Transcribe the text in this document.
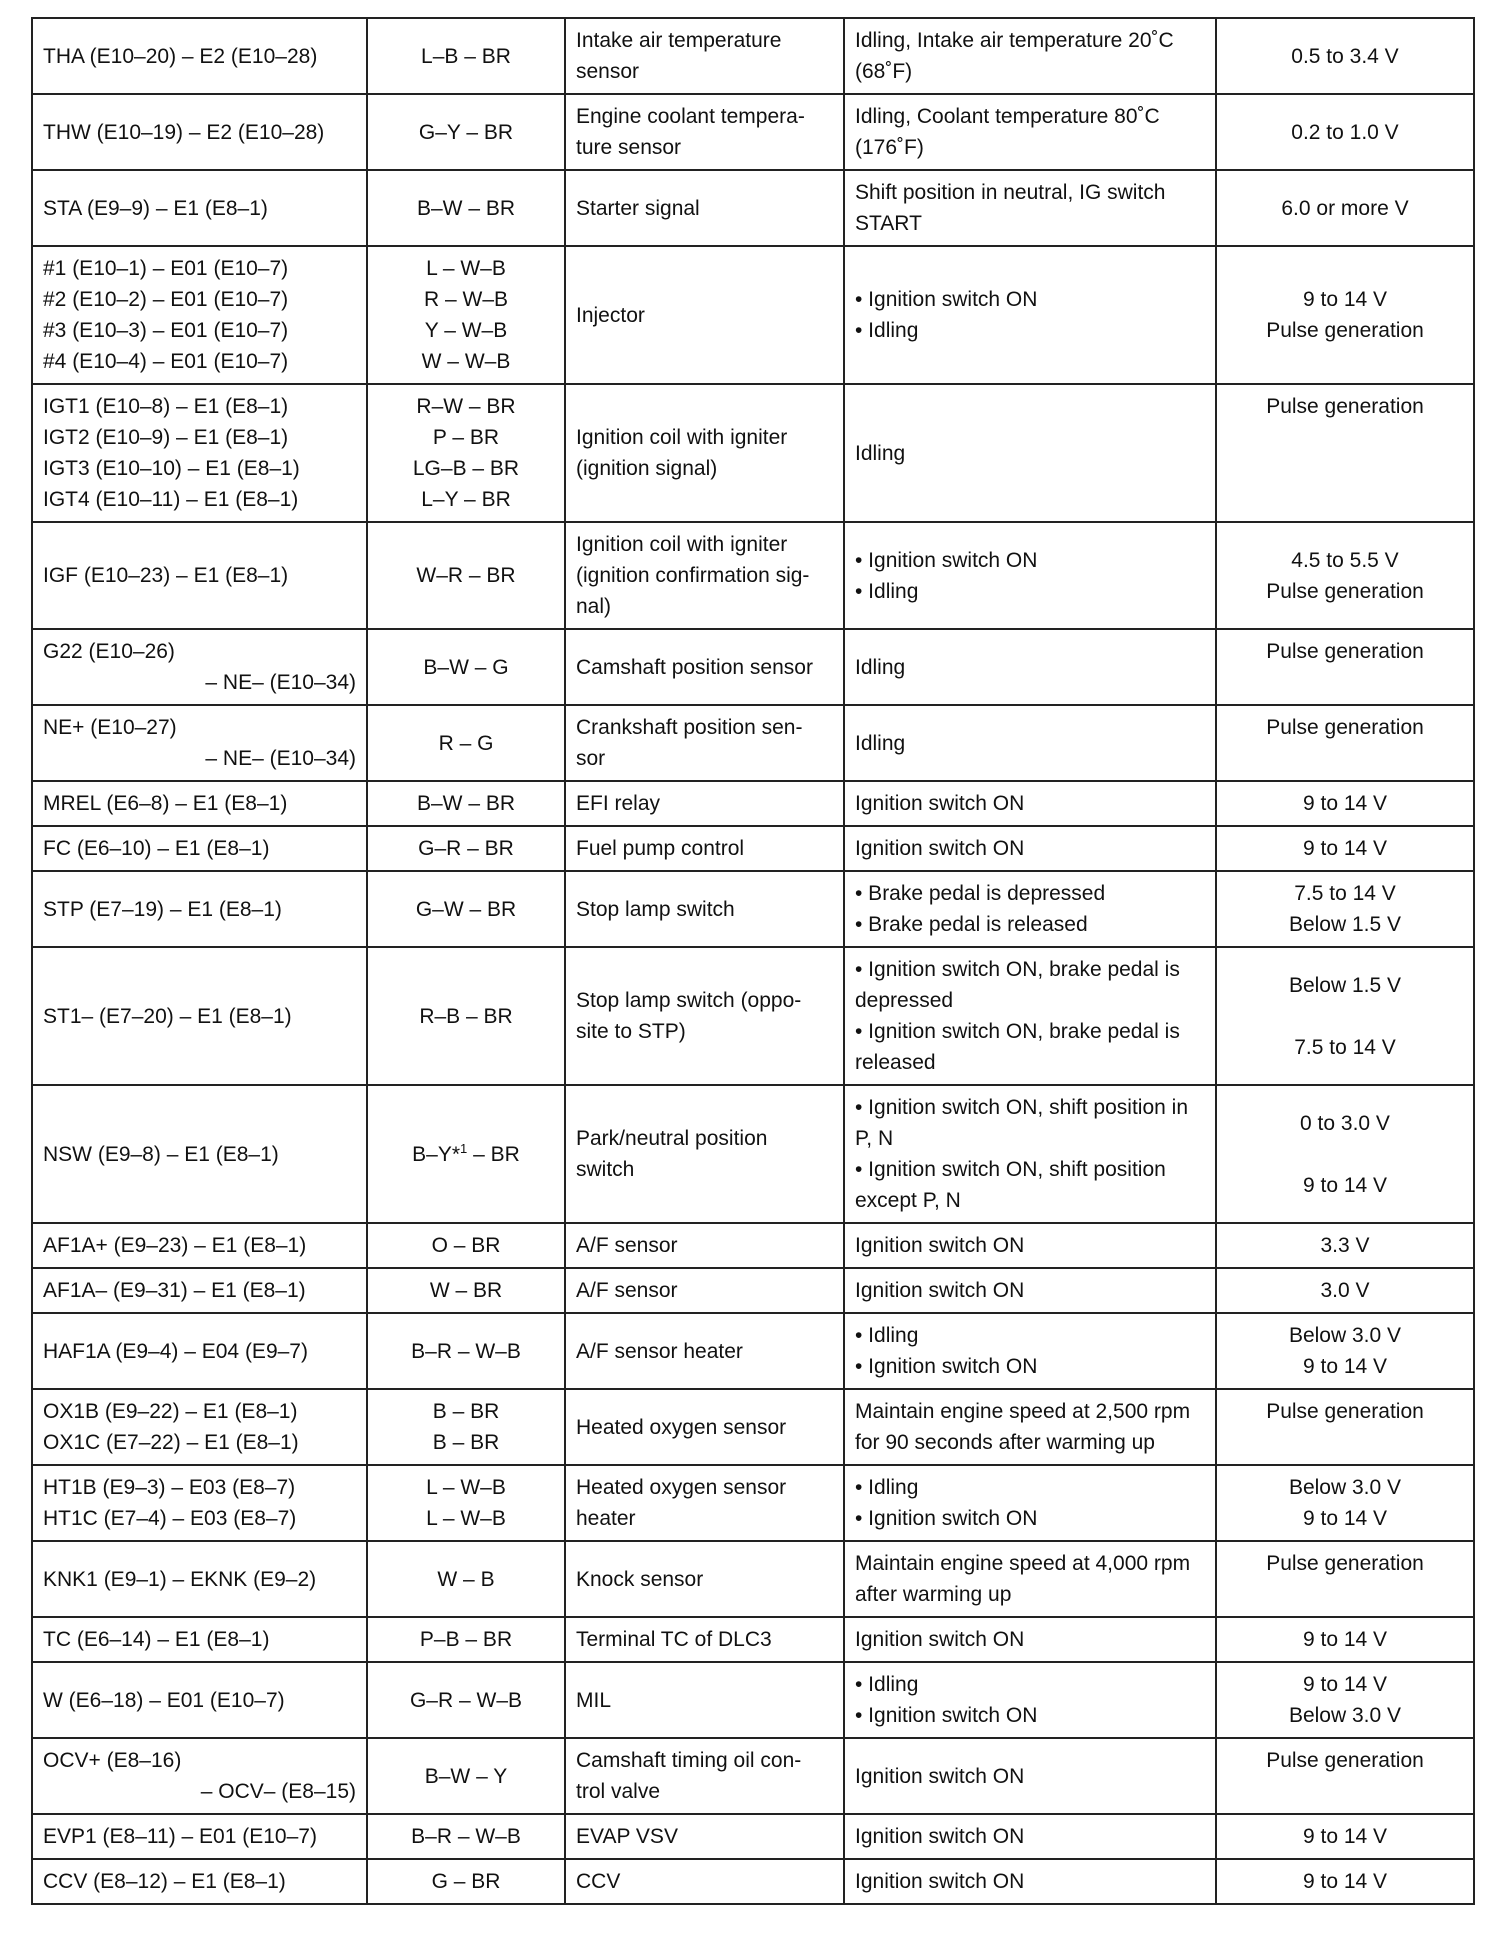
THA (E10–20) – E2 (E10–28)	L–B – BR	Intake air temperature
sensor	Idling, Intake air temperature 20˚C
(68˚F)	0.5 to 3.4 V

THW (E10–19) – E2 (E10–28)	G–Y – BR	Engine coolant tempera-
ture sensor	Idling, Coolant temperature 80˚C
(176˚F)	0.2 to 1.0 V

STA (E9–9) – E1 (E8–1)	B–W – BR	Starter signal	Shift position in neutral, IG switch
START	6.0 or more V

#1 (E10–1) – E01 (E10–7)
#2 (E10–2) – E01 (E10–7)
#3 (E10–3) – E01 (E10–7)
#4 (E10–4) – E01 (E10–7)	L – W–B
R – W–B
Y – W–B
W – W–B	Injector	• Ignition switch ON
• Idling	9 to 14 V
Pulse generation

IGT1 (E10–8) – E1 (E8–1)
IGT2 (E10–9) – E1 (E8–1)
IGT3 (E10–10) – E1 (E8–1)
IGT4 (E10–11) – E1 (E8–1)	R–W – BR
P – BR
LG–B – BR
L–Y – BR	Ignition coil with igniter
(ignition signal)	Idling	Pulse generation

IGF (E10–23) – E1 (E8–1)	W–R – BR	Ignition coil with igniter
(ignition confirmation sig-
nal)	• Ignition switch ON
• Idling	4.5 to 5.5 V
Pulse generation

G22 (E10–26)
– NE– (E10–34)	B–W – G	Camshaft position sensor	Idling	Pulse generation

NE+ (E10–27)
– NE– (E10–34)	R – G	Crankshaft position sen-
sor	Idling	Pulse generation

MREL (E6–8) – E1 (E8–1)	B–W – BR	EFI relay	Ignition switch ON	9 to 14 V

FC (E6–10) – E1 (E8–1)	G–R – BR	Fuel pump control	Ignition switch ON	9 to 14 V

STP (E7–19) – E1 (E8–1)	G–W – BR	Stop lamp switch	• Brake pedal is depressed
• Brake pedal is released	7.5 to 14 V
Below 1.5 V

ST1– (E7–20) – E1 (E8–1)	R–B – BR	Stop lamp switch (oppo-
site to STP)	• Ignition switch ON, brake pedal is
depressed
• Ignition switch ON, brake pedal is
released	Below 1.5 V

7.5 to 14 V

NSW (E9–8) – E1 (E8–1)	B–Y*$^1$ – BR	Park/neutral position
switch	• Ignition switch ON, shift position in
P, N
• Ignition switch ON, shift position
except P, N	0 to 3.0 V

9 to 14 V

AF1A+ (E9–23) – E1 (E8–1)	O – BR	A/F sensor	Ignition switch ON	3.3 V

AF1A– (E9–31) – E1 (E8–1)	W – BR	A/F sensor	Ignition switch ON	3.0 V

HAF1A (E9–4) – E04 (E9–7)	B–R – W–B	A/F sensor heater	• Idling
• Ignition switch ON	Below 3.0 V
9 to 14 V

OX1B (E9–22) – E1 (E8–1)
OX1C (E7–22) – E1 (E8–1)	B – BR
B – BR	Heated oxygen sensor	Maintain engine speed at 2,500 rpm
for 90 seconds after warming up	Pulse generation

HT1B (E9–3) – E03 (E8–7)
HT1C (E7–4) – E03 (E8–7)	L – W–B
L – W–B	Heated oxygen sensor
heater	• Idling
• Ignition switch ON	Below 3.0 V
9 to 14 V

KNK1 (E9–1) – EKNK (E9–2)	W – B	Knock sensor	Maintain engine speed at 4,000 rpm
after warming up	Pulse generation

TC (E6–14) – E1 (E8–1)	P–B – BR	Terminal TC of DLC3	Ignition switch ON	9 to 14 V

W (E6–18) – E01 (E10–7)	G–R – W–B	MIL	• Idling
• Ignition switch ON	9 to 14 V
Below 3.0 V

OCV+ (E8–16)
– OCV– (E8–15)	B–W – Y	Camshaft timing oil con-
trol valve	Ignition switch ON	Pulse generation

EVP1 (E8–11) – E01 (E10–7)	B–R – W–B	EVAP VSV	Ignition switch ON	9 to 14 V

CCV (E8–12) – E1 (E8–1)	G – BR	CCV	Ignition switch ON	9 to 14 V
